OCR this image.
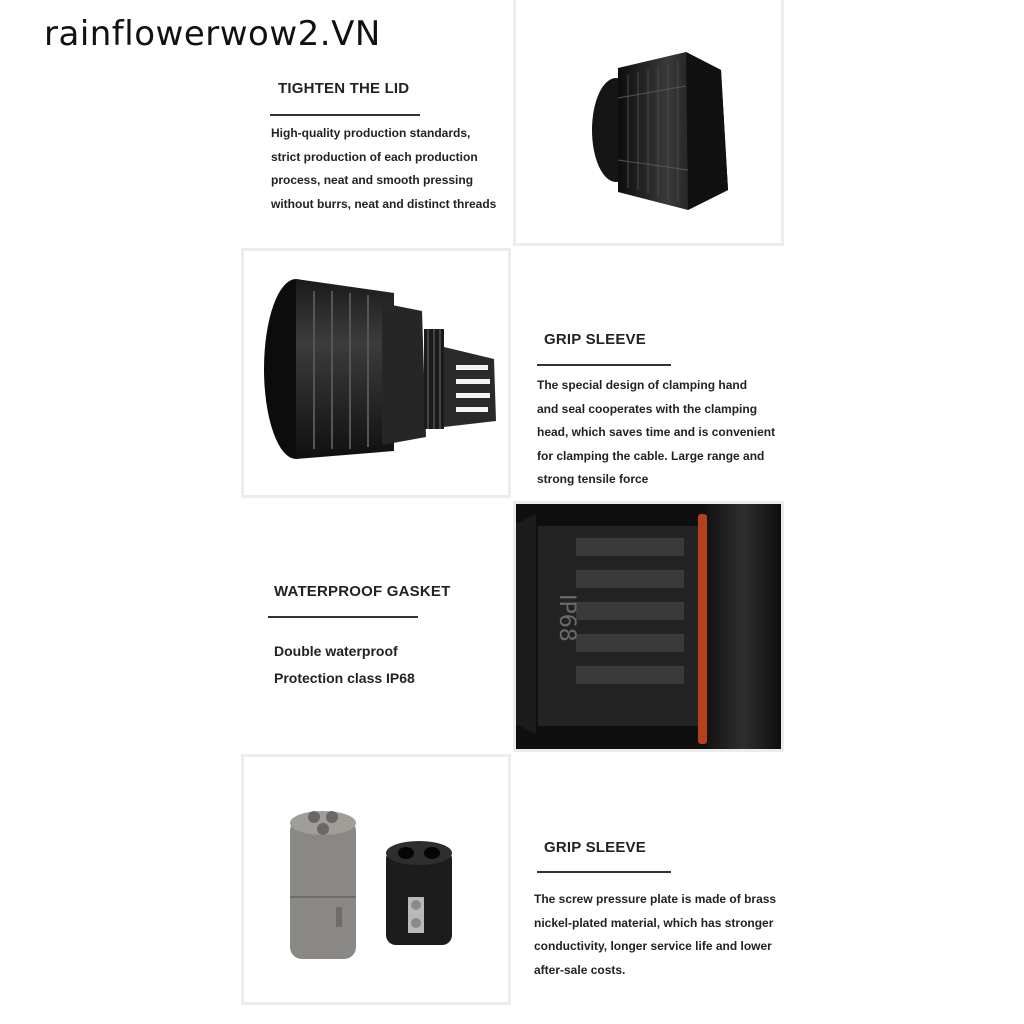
rainflowerwow2.VN
TIGHTEN THE LID
High-quality production standards,
strict production of each production
process, neat and smooth pressing
without burrs, neat and distinct threads
GRIP SLEEVE
The special design of clamping hand
and seal cooperates with the clamping
head, which saves time and is convenient
for clamping the cable. Large range and
strong tensile force
WATERPROOF GASKET
Double waterproof
Protection class IP68
IP68
GRIP SLEEVE
The screw pressure plate is made of brass
nickel-plated material, which has stronger
conductivity, longer service life and lower
after-sale costs.
